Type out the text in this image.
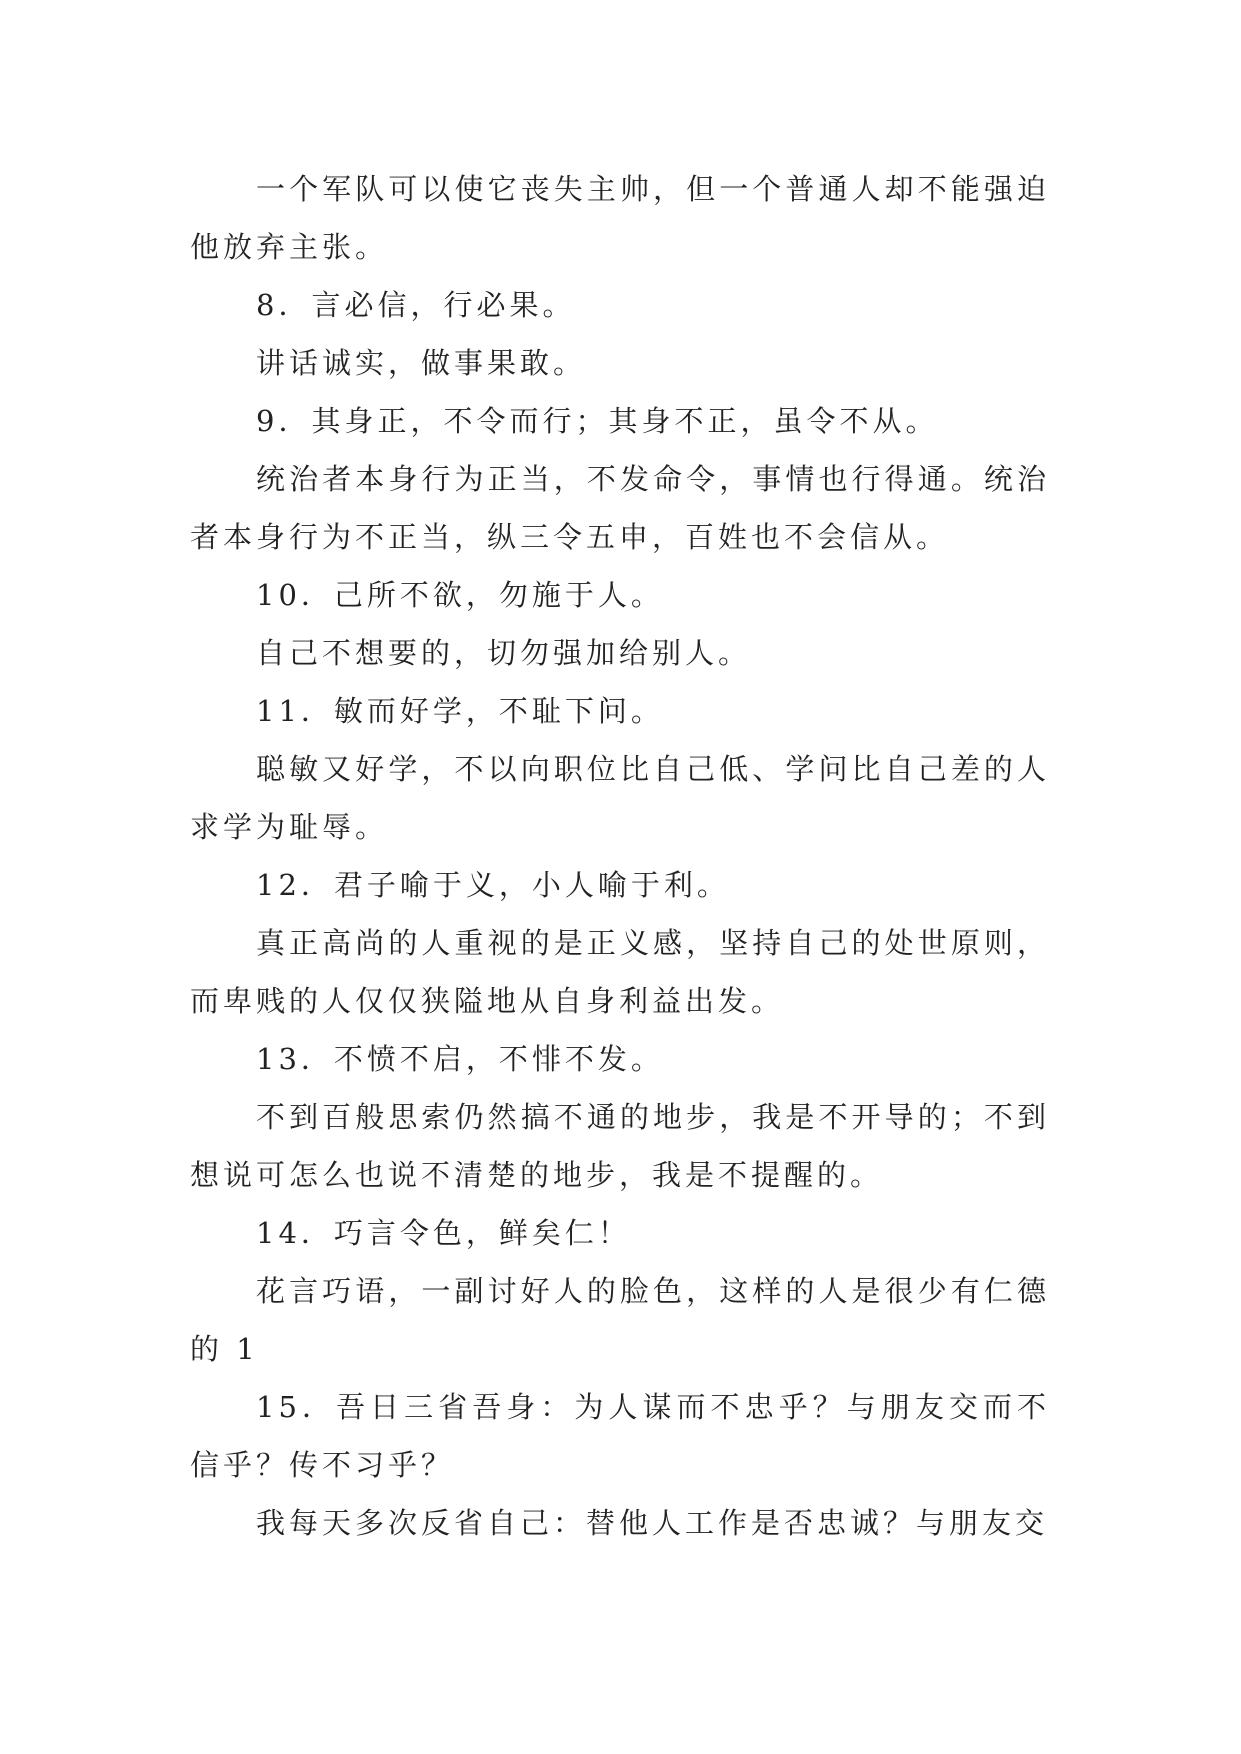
一个军队可以使它丧失主帅，但一个普通人却不能强迫他放弃主张。

8．言必信，行必果。

讲话诚实，做事果敢。

9．其身正，不令而行；其身不正，虽令不从。

统治者本身行为正当，不发命令，事情也行得通。统治者本身行为不正当，纵三令五申，百姓也不会信从。

10．己所不欲，勿施于人。

自己不想要的，切勿强加给别人。

11．敏而好学，不耻下问。

聪敏又好学，不以向职位比自己低、学问比自己差的人求学为耻辱。

12．君子喻于义，小人喻于利。

真正高尚的人重视的是正义感，坚持自己的处世原则，而卑贱的人仅仅狭隘地从自身利益出发。

13．不愤不启，不悱不发。

不到百般思索仍然搞不通的地步，我是不开导的；不到想说可怎么也说不清楚的地步，我是不提醒的。

14．巧言令色，鲜矣仁！

花言巧语，一副讨好人的脸色，这样的人是很少有仁德的 1

15．吾日三省吾身：为人谋而不忠乎？与朋友交而不信乎？传不习乎？

我每天多次反省自己：替他人工作是否忠诚？与朋友交
